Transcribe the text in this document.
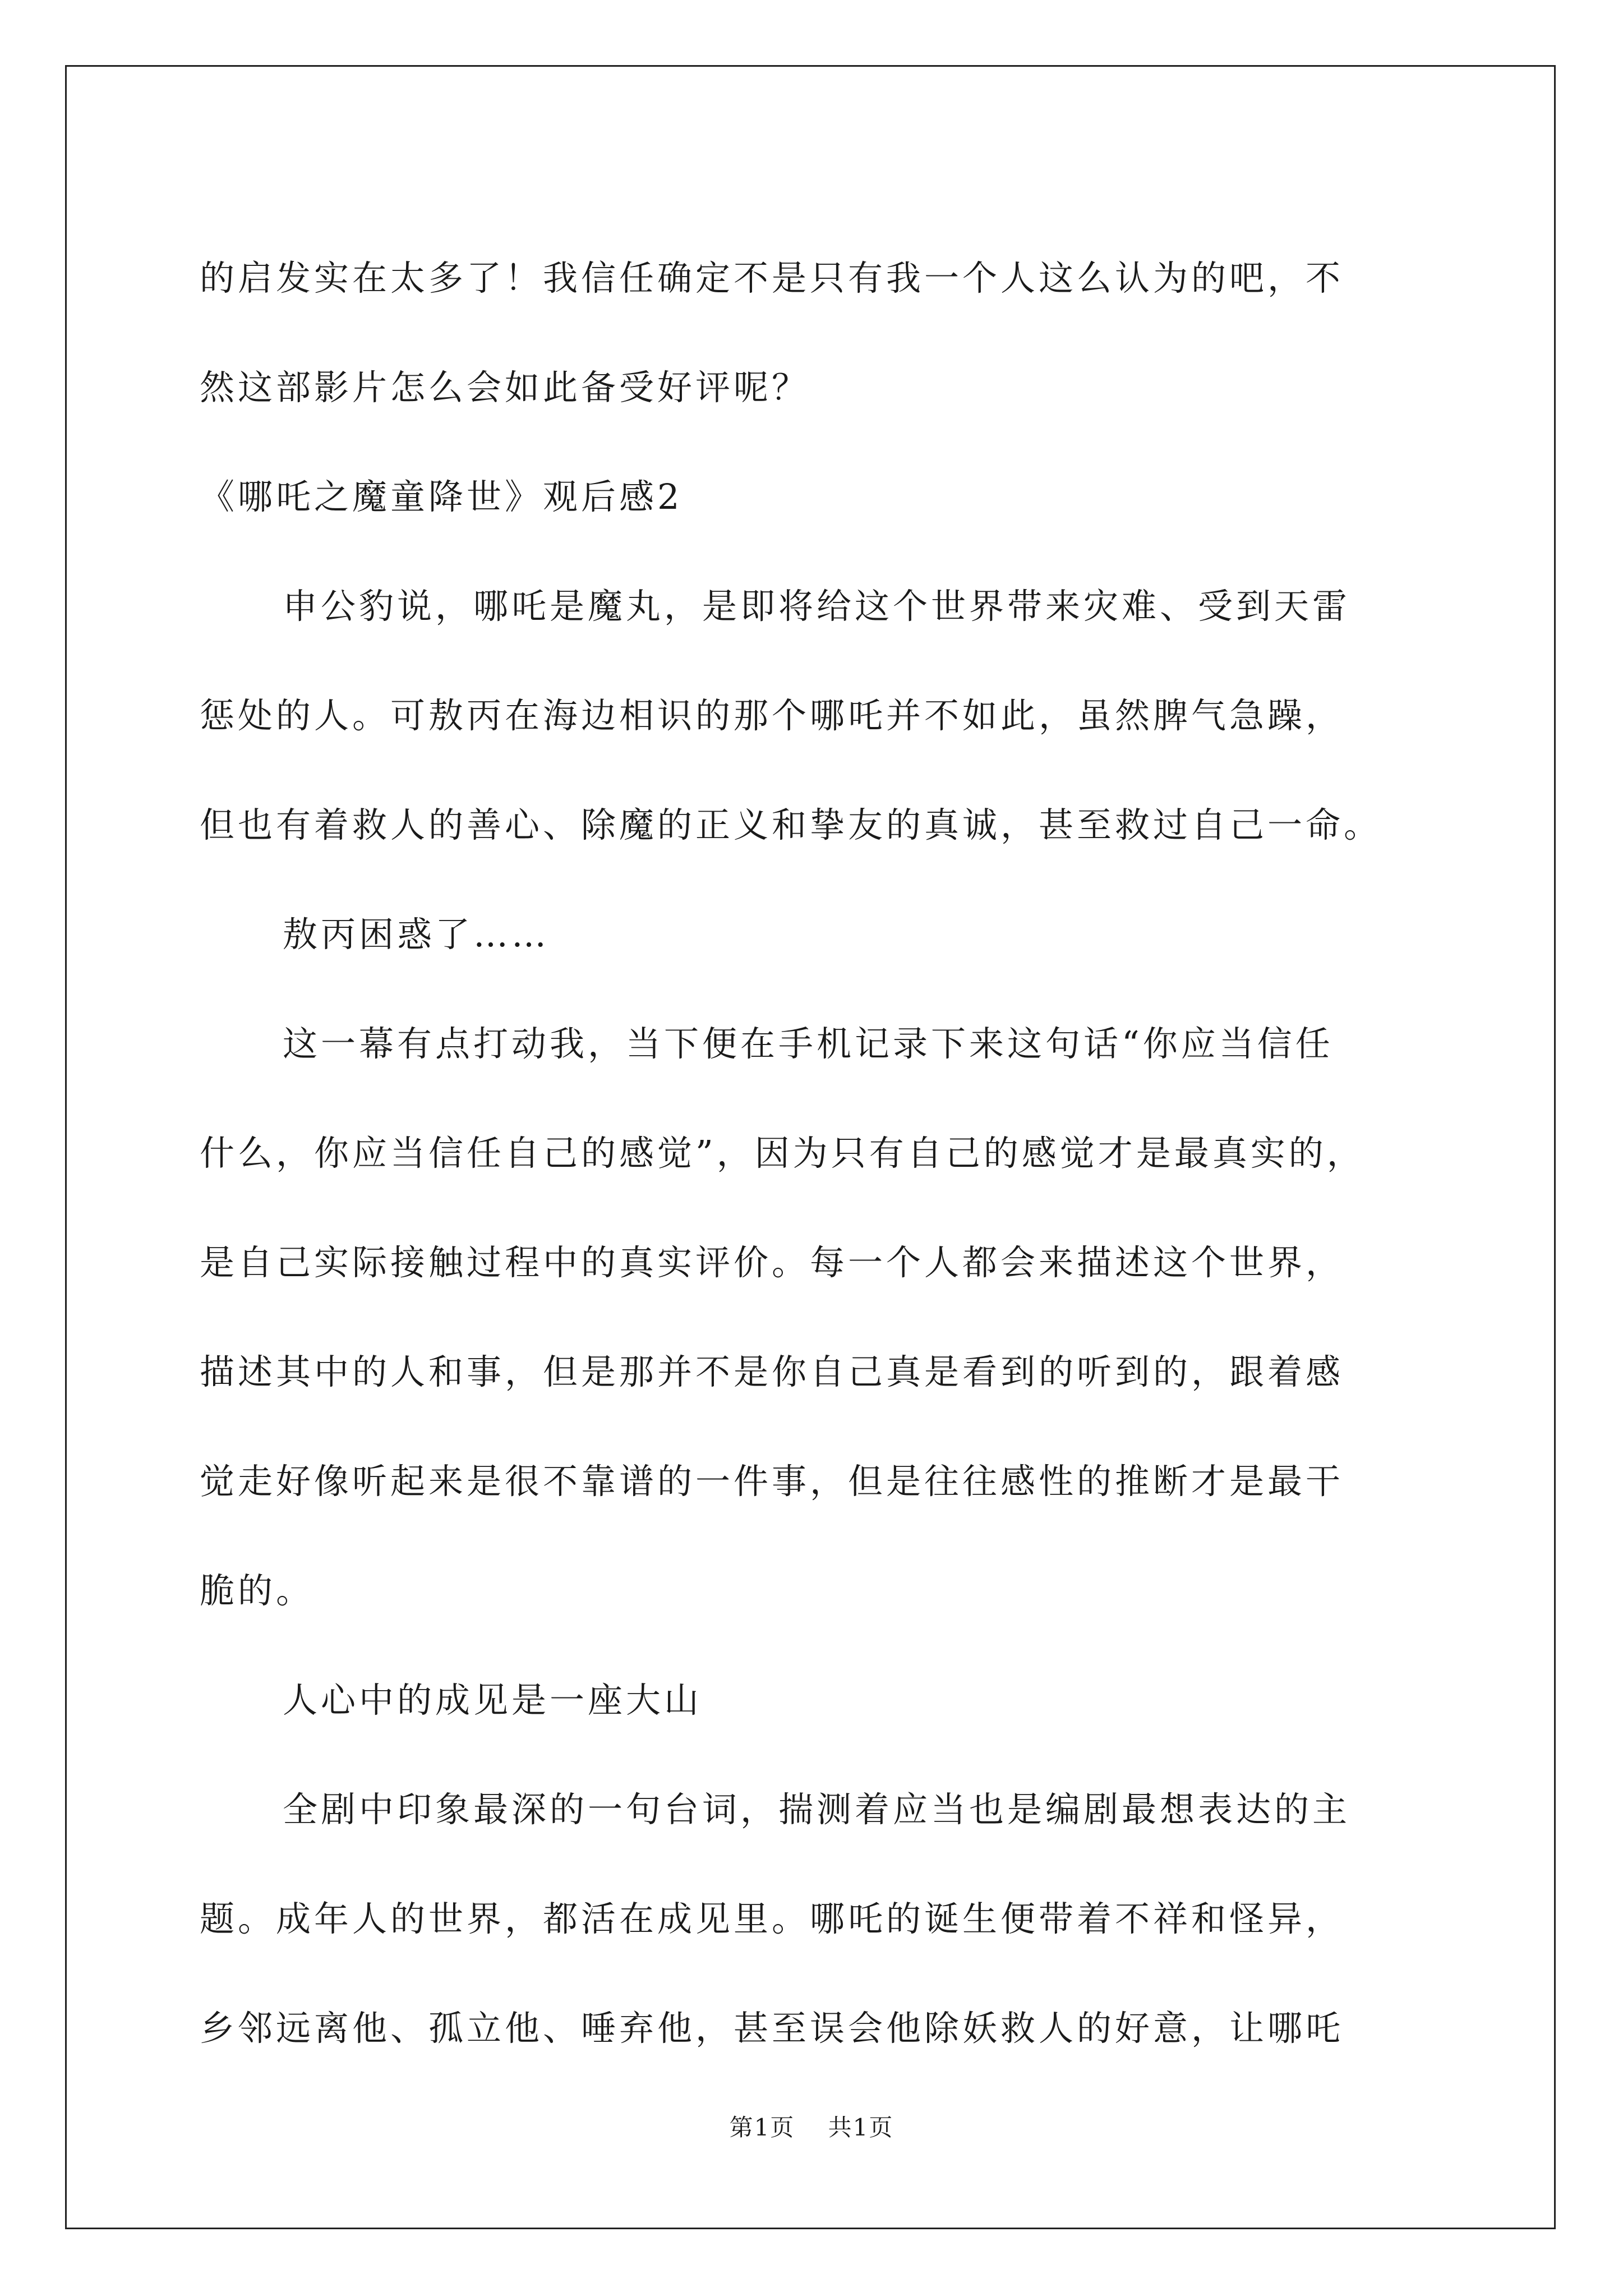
的启发实在太多了！我信任确定不是只有我一个人这么认为的吧，不
然这部影片怎么会如此备受好评呢？
《哪吒之魔童降世》观后感2
申公豹说，哪吒是魔丸，是即将给这个世界带来灾难、受到天雷
惩处的人。可敖丙在海边相识的那个哪吒并不如此，虽然脾气急躁，
但也有着救人的善心、除魔的正义和挚友的真诚，甚至救过自己一命。
敖丙困惑了……
这一幕有点打动我，当下便在手机记录下来这句话“你应当信任
什么，你应当信任自己的感觉”，因为只有自己的感觉才是最真实的，
是自己实际接触过程中的真实评价。每一个人都会来描述这个世界，
描述其中的人和事，但是那并不是你自己真是看到的听到的，跟着感
觉走好像听起来是很不靠谱的一件事，但是往往感性的推断才是最干
脆的。
人心中的成见是一座大山
全剧中印象最深的一句台词，揣测着应当也是编剧最想表达的主
题。成年人的世界，都活在成见里。哪吒的诞生便带着不祥和怪异，
乡邻远离他、孤立他、唾弃他，甚至误会他除妖救人的好意，让哪吒
第1页 共1页
